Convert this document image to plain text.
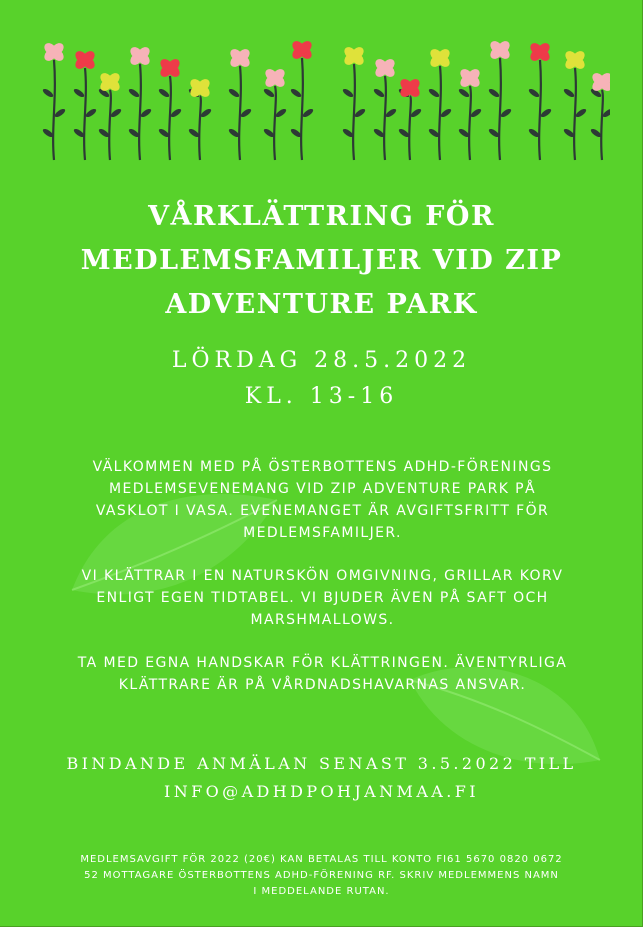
VÅRKLÄTTRING FÖR
MEDLEMSFAMILJER VID ZIP
ADVENTURE PARK
LÖRDAG 28.5.2022
KL. 13-16

VÄLKOMMEN MED PÅ ÖSTERBOTTENS ADHD-FÖRENINGS
MEDLEMSEVENEMANG VID ZIP ADVENTURE PARK PÅ
VASKLOT I VASA. EVENEMANGET ÄR AVGIFTSFRITT FÖR
MEDLEMSFAMILJER.

VI KLÄTTRAR I EN NATURSKÖN OMGIVNING, GRILLAR KORV
ENLIGT EGEN TIDTABEL. VI BJUDER ÄVEN PÅ SAFT OCH
MARSHMALLOWS.

TA MED EGNA HANDSKAR FÖR KLÄTTRINGEN. ÄVENTYRLIGA
KLÄTTRARE ÄR PÅ VÅRDNADSHAVARNAS ANSVAR.

BINDANDE ANMÄLAN SENAST 3.5.2022 TILL
INFO@ADHDPOHJANMAA.FI

MEDLEMSAVGIFT FÖR 2022 (20€) KAN BETALAS TILL KONTO FI61 5670 0820 0672
52 MOTTAGARE ÖSTERBOTTENS ADHD-FÖRENING RF. SKRIV MEDLEMMENS NAMN
I MEDDELANDE RUTAN.
